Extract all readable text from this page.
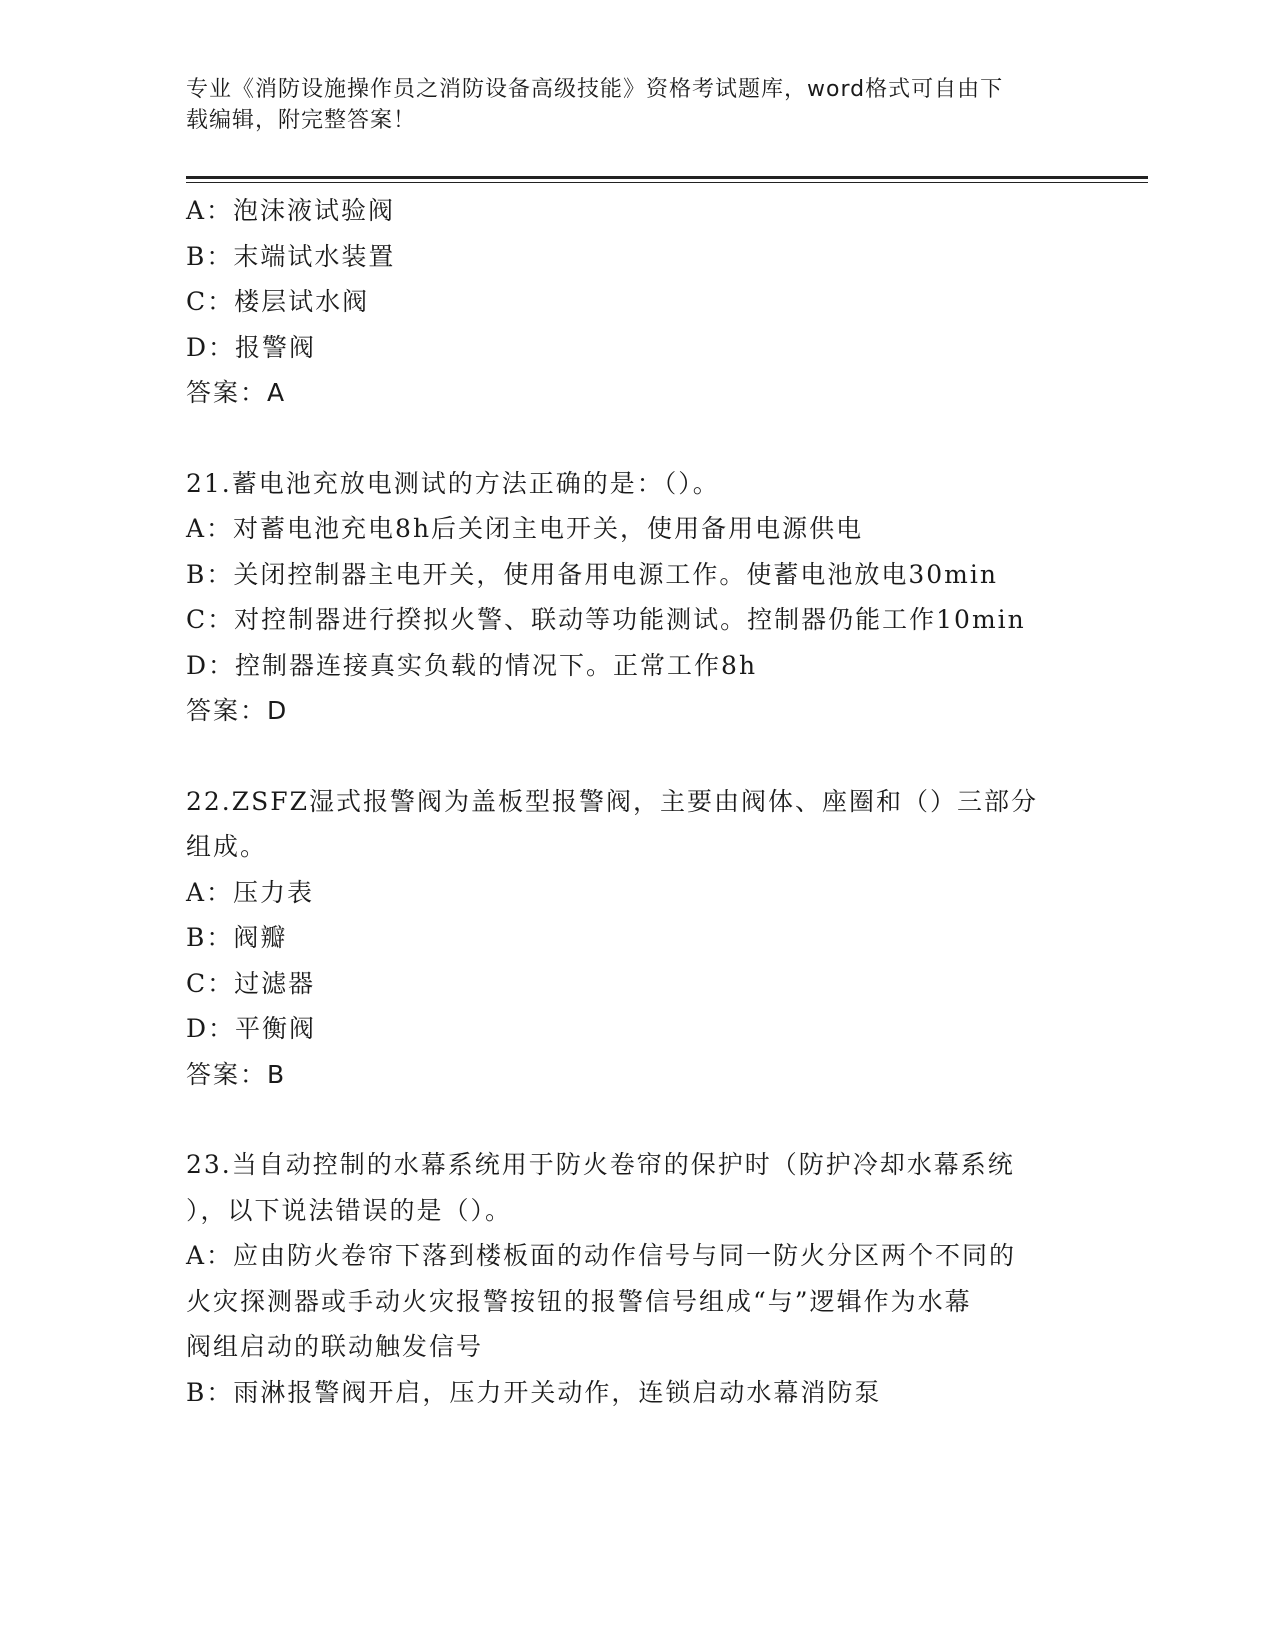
专业《消防设施操作员之消防设备高级技能》资格考试题库，word格式可自由下
载编辑，附完整答案！
A：泡沫液试验阀
B：末端试水装置
C：楼层试水阀
D：报警阀
答案：A
21.蓄电池充放电测试的方法正确的是：（）。
A：对蓄电池充电8h后关闭主电开关，使用备用电源供电
B：关闭控制器主电开关，使用备用电源工作。使蓄电池放电30min
C：对控制器进行揆拟火警、联动等功能测试。控制器仍能工作10min
D：控制器连接真实负载的情况下。正常工作8h
答案：D
22.ZSFZ湿式报警阀为盖板型报警阀，主要由阀体、座圈和（）三部分
组成。
A：压力表
B：阀瓣
C：过滤器
D：平衡阀
答案：B
23.当自动控制的水幕系统用于防火卷帘的保护时（防护冷却水幕系统
），以下说法错误的是（）。
A：应由防火卷帘下落到楼板面的动作信号与同一防火分区两个不同的
火灾探测器或手动火灾报警按钮的报警信号组成“与”逻辑作为水幕
阀组启动的联动触发信号
B：雨淋报警阀开启，压力开关动作，连锁启动水幕消防泵
